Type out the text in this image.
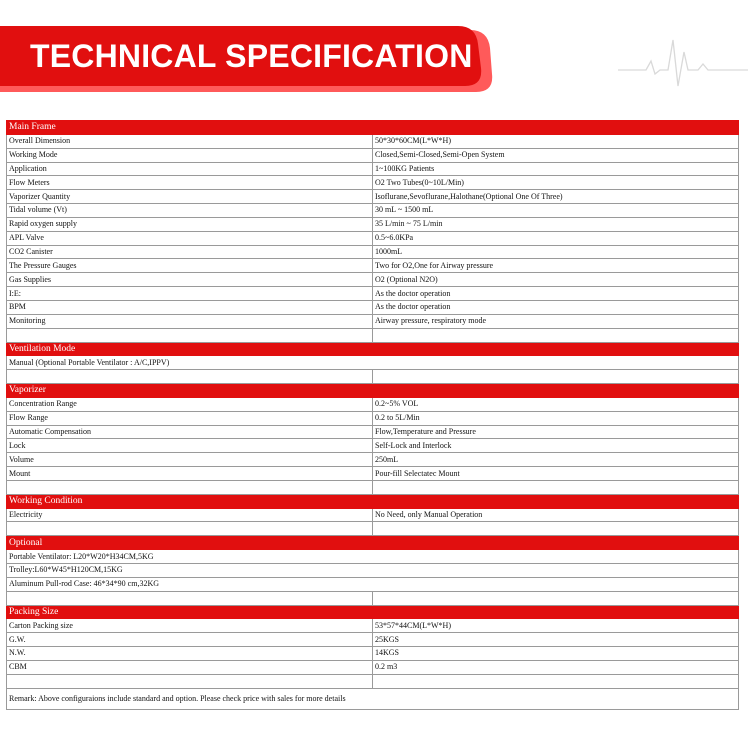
TECHNICAL SPECIFICATION
Main Frame	
Overall Dimension	50*30*60CM(L*W*H)
Working Mode	Closed,Semi-Closed,Semi-Open System
Application	1~100KG Patients
Flow Meters	O2 Two Tubes(0~10L/Min)
Vaporizer Quantity	Isoflurane,Sevoflurane,Halothane(Optional One Of Three)
Tidal volume (Vt)	30 mL ~ 1500 mL
Rapid oxygen supply	35 L/min ~ 75 L/min
APL Valve	0.5~6.0KPa
CO2 Canister	1000mL
The Pressure Gauges	Two for O2,One for Airway pressure
Gas Supplies	O2 (Optional N2O)
I:E:	As the doctor operation
BPM	As the doctor operation
Monitoring	Airway pressure, respiratory mode

Ventilation Mode	
Manual (Optional Portable Ventilator : A/C,IPPV)	

Vaporizer	
Concentration Range	0.2~5% VOL
Flow Range	0.2 to 5L/Min
Automatic Compensation	Flow,Temperature and Pressure
Lock	Self-Lock and Interlock
Volume	250mL
Mount	Pour-fill Selectatec Mount

Working Condition	
Electricity	No Need, only Manual Operation

Optional	
Portable Ventilator: L20*W20*H34CM,5KG	
Trolley:L60*W45*H120CM,15KG	
Aluminum Pull-rod Case: 46*34*90 cm,32KG	

Packing Size	
Carton Packing size	53*57*44CM(L*W*H)
G.W.	25KGS
N.W.	14KGS
CBM	0.2 m3

Remark: Above configuraions include standard and option. Please check price with sales for more details	
